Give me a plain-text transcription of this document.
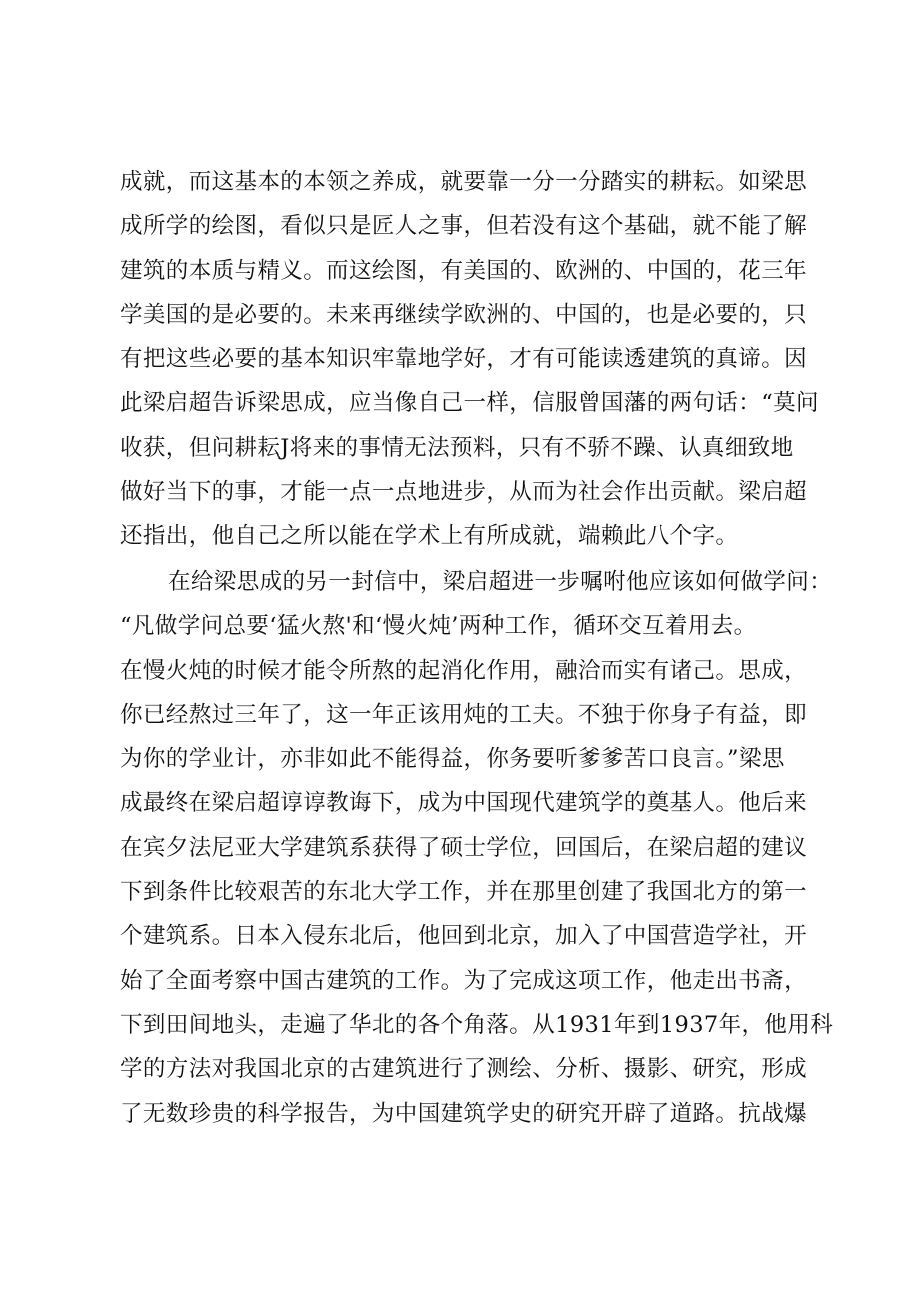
成就，而这基本的本领之养成，就要靠一分一分踏实的耕耘。如梁思
成所学的绘图，看似只是匠人之事，但若没有这个基础，就不能了解
建筑的本质与精义。而这绘图，有美国的、欧洲的、中国的，花三年
学美国的是必要的。未来再继续学欧洲的、中国的，也是必要的，只
有把这些必要的基本知识牢靠地学好，才有可能读透建筑的真谛。因
此梁启超告诉梁思成，应当像自己一样，信服曾国藩的两句话：“莫问
收获，但问耕耘J将来的事情无法预料，只有不骄不躁、认真细致地
做好当下的事，才能一点一点地进步，从而为社会作出贡献。梁启超
还指出，他自己之所以能在学术上有所成就，端赖此八个字。
在给梁思成的另一封信中，梁启超进一步嘱咐他应该如何做学问：
“凡做学问总要‘猛火熬'和‘慢火炖’两种工作，循环交互着用去。
在慢火炖的时候才能令所熬的起消化作用，融洽而实有诸己。思成，
你已经熬过三年了，这一年正该用炖的工夫。不独于你身子有益，即
为你的学业计，亦非如此不能得益，你务要听爹爹苦口良言。”梁思
成最终在梁启超谆谆教诲下，成为中国现代建筑学的奠基人。他后来
在宾夕法尼亚大学建筑系获得了硕士学位，回国后，在梁启超的建议
下到条件比较艰苦的东北大学工作，并在那里创建了我国北方的第一
个建筑系。日本入侵东北后，他回到北京，加入了中国营造学社，开
始了全面考察中国古建筑的工作。为了完成这项工作，他走出书斋，
下到田间地头，走遍了华北的各个角落。从1931年到1937年，他用科
学的方法对我国北京的古建筑进行了测绘、分析、摄影、研究，形成
了无数珍贵的科学报告，为中国建筑学史的研究开辟了道路。抗战爆
